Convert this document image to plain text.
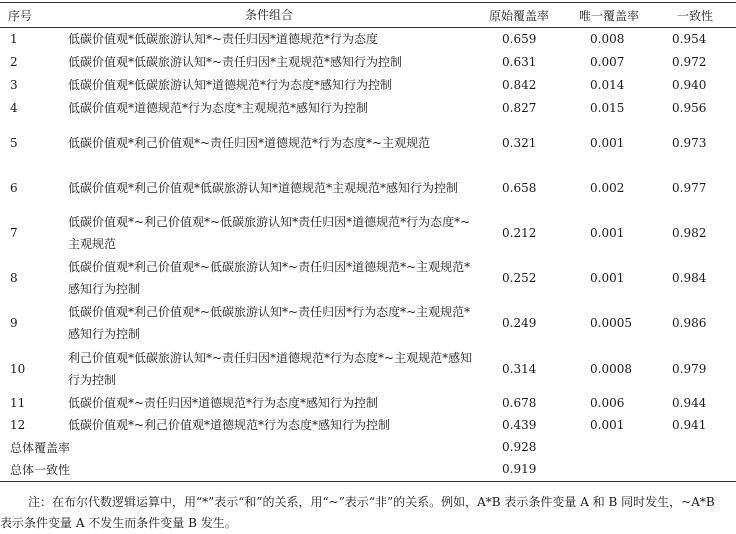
序号	条件组合	原始覆盖率	唯一覆盖率	一致性
1	低碳价值观*低碳旅游认知*~责任归因*道德规范*行为态度	0.659	0.008	0.954
2	低碳价值观*低碳旅游认知*~责任归因*主观规范*感知行为控制	0.631	0.007	0.972
3	低碳价值观*低碳旅游认知*道德规范*行为态度*感知行为控制	0.842	0.014	0.940
4	低碳价值观*道德规范*行为态度*主观规范*感知行为控制	0.827	0.015	0.956
5	低碳价值观*利己价值观*~责任归因*道德规范*行为态度*~主观规范	0.321	0.001	0.973
6	低碳价值观*利己价值观*低碳旅游认知*道德规范*主观规范*感知行为控制	0.658	0.002	0.977
7	低碳价值观*~利己价值观*~低碳旅游认知*责任归因*道德规范*行为态度*~主观规范	0.212	0.001	0.982
8	低碳价值观*利己价值观*~低碳旅游认知*~责任归因*道德规范*~主观规范*感知行为控制	0.252	0.001	0.984
9	低碳价值观*利己价值观*~低碳旅游认知*~责任归因*行为态度*~主观规范*感知行为控制	0.249	0.0005	0.986
10	利己价值观*低碳旅游认知*~责任归因*道德规范*行为态度*~主观规范*感知行为控制	0.314	0.0008	0.979
11	低碳价值观*~责任归因*道德规范*行为态度*感知行为控制	0.678	0.006	0.944
12	低碳价值观*~利己价值观*道德规范*行为态度*感知行为控制	0.439	0.001	0.941
总体覆盖率		0.928		
总体一致性		0.919		
注：在布尔代数逻辑运算中，用“*”表示“和”的关系，用“~”表示“非”的关系。例如，A*B 表示条件变量 A 和 B 同时发生，~A*B 表示条件变量 A 不发生而条件变量 B 发生。
